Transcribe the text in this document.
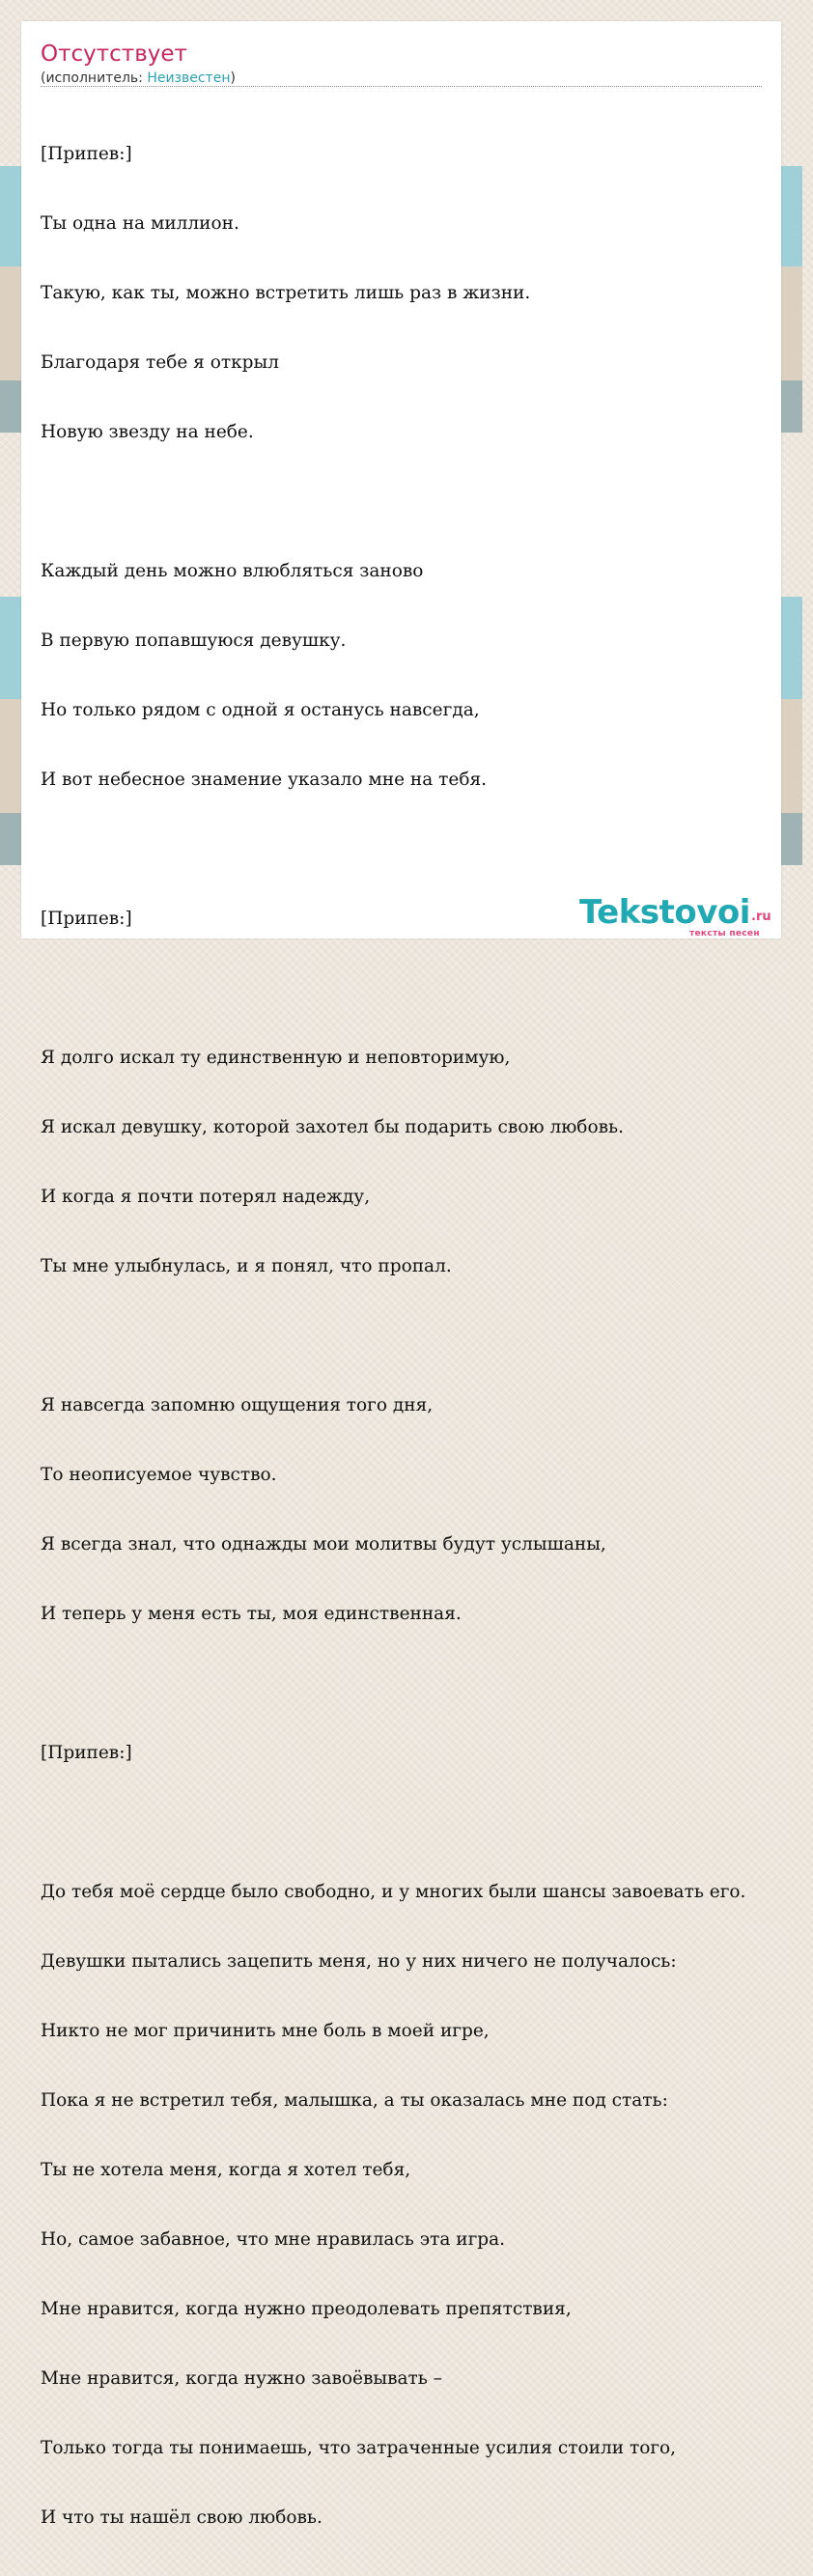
Отсутствует
(исполнитель: Неизвестен)

[Припев:]

Ты одна на миллион.

Такую, как ты, можно встретить лишь раз в жизни.

Благодаря тебе я открыл

Новую звезду на небе.

Каждый день можно влюбляться заново

В первую попавшуюся девушку.

Но только рядом с одной я останусь навсегда,

И вот небесное знамение указало мне на тебя.

[Припев:]

Я долго искал ту единственную и неповторимую,

Я искал девушку, которой захотел бы подарить свою любовь.

И когда я почти потерял надежду,

Ты мне улыбнулась, и я понял, что пропал.

Я навсегда запомню ощущения того дня,

То неописуемое чувство.

Я всегда знал, что однажды мои молитвы будут услышаны,

И теперь у меня есть ты, моя единственная.

[Припев:]

До тебя моё сердце было свободно, и у многих были шансы завоевать его.

Девушки пытались зацепить меня, но у них ничего не получалось:

Никто не мог причинить мне боль в моей игре,

Пока я не встретил тебя, малышка, а ты оказалась мне под стать:

Ты не хотела меня, когда я хотел тебя,

Но, самое забавное, что мне нравилась эта игра.

Мне нравится, когда нужно преодолевать препятствия,

Мне нравится, когда нужно завоёвывать –

Только тогда ты понимаешь, что затраченные усилия стоили того,

И что ты нашёл свою любовь.

Tekstovoi .ru
тексты песен
